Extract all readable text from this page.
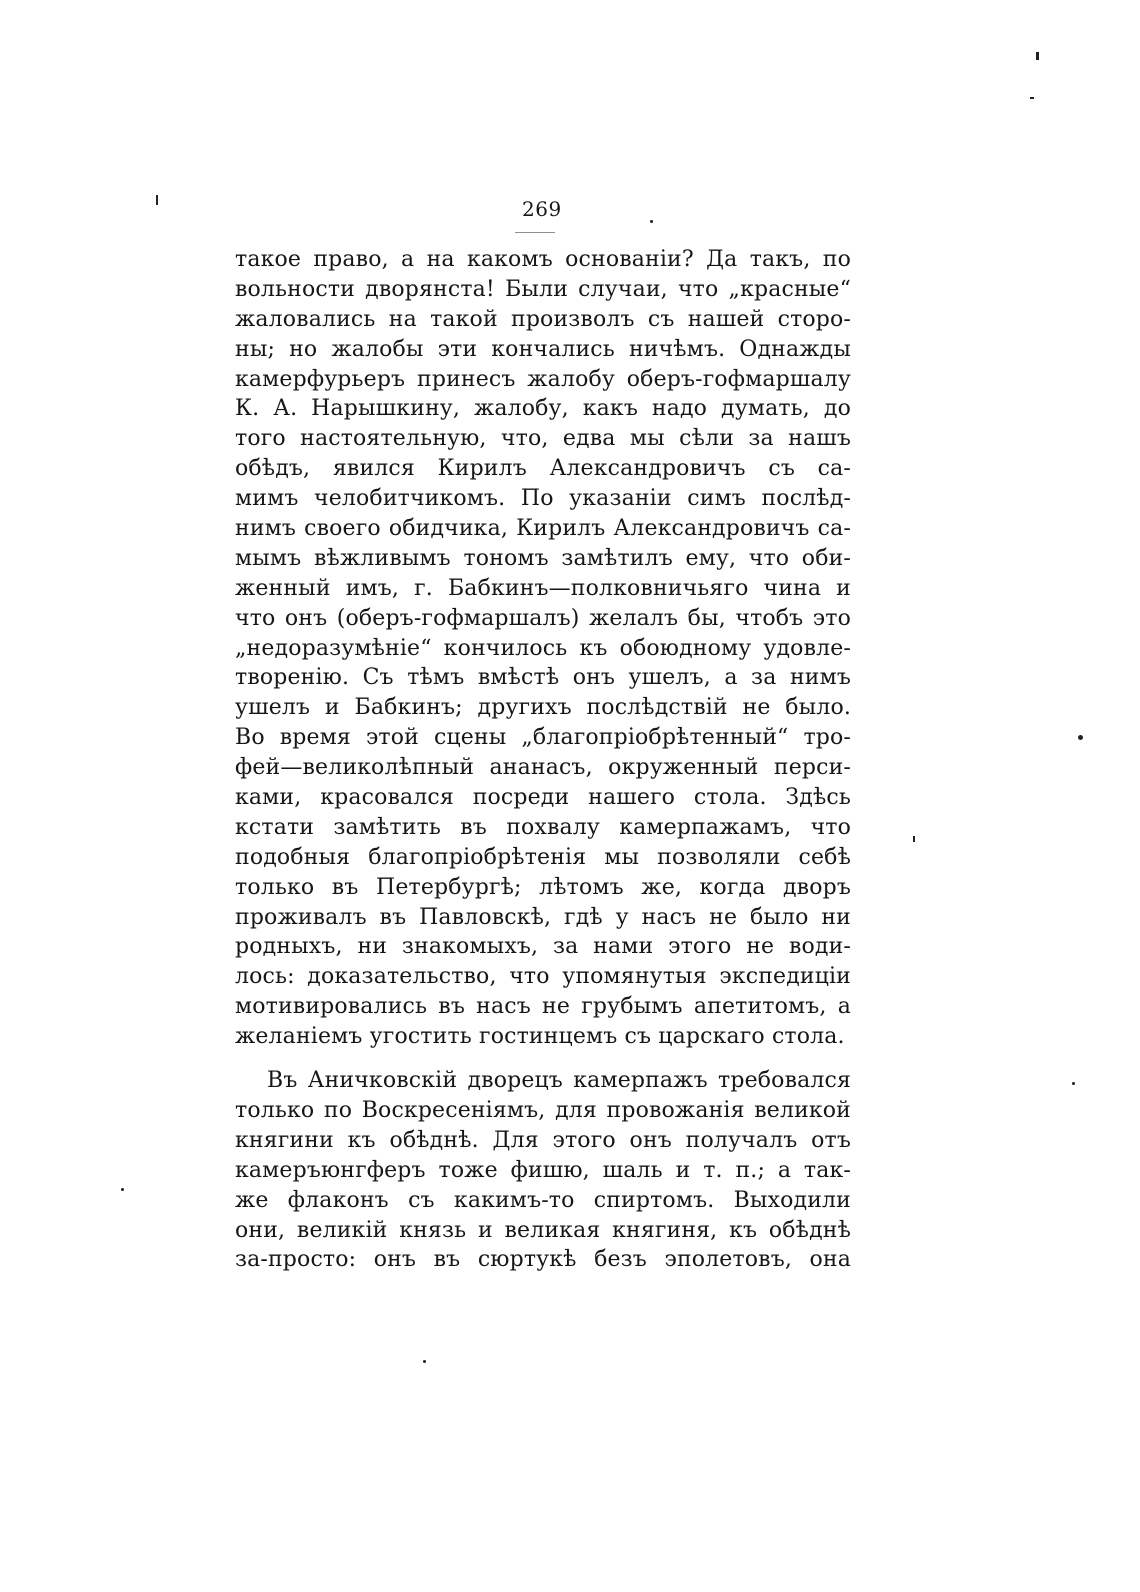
269
такое право, а на какомъ основаніи? Да такъ, по
вольности дворянста! Были случаи, что „красные“
жаловались на такой произволъ съ нашей сторо-
ны; но жалобы эти кончались ничѣмъ. Однажды
камерфурьеръ принесъ жалобу оберъ-гофмаршалу
К. А. Нарышкину, жалобу, какъ надо думать, до
того настоятельную, что, едва мы сѣли за нашъ
обѣдъ, явился Кирилъ Александровичъ съ са-
мимъ челобитчикомъ. По указаніи симъ послѣд-
нимъ своего обидчика, Кирилъ Александровичъ са-
мымъ вѣжливымъ тономъ замѣтилъ ему, что оби-
женный имъ, г. Бабкинъ—полковничьяго чина и
что онъ (оберъ-гофмаршалъ) желалъ бы, чтобъ это
„недоразумѣніе“ кончилось къ обоюдному удовле-
творенію. Съ тѣмъ вмѣстѣ онъ ушелъ, а за нимъ
ушелъ и Бабкинъ; другихъ послѣдствій не было.
Во время этой сцены „благопріобрѣтенный“ тро-
фей—великолѣпный ананасъ, окруженный перси-
ками, красовался посреди нашего стола. Здѣсь
кстати замѣтить въ похвалу камерпажамъ, что
подобныя благопріобрѣтенія мы позволяли себѣ
только въ Петербургѣ; лѣтомъ же, когда дворъ
проживалъ въ Павловскѣ, гдѣ у насъ не было ни
родныхъ, ни знакомыхъ, за нами этого не води-
лось: доказательство, что упомянутыя экспедиціи
мотивировались въ насъ не грубымъ апетитомъ, а
желаніемъ угостить гостинцемъ съ царскаго стола.
Въ Аничковскій дворецъ камерпажъ требовался
только по Воскресеніямъ, для провожанія великой
княгини къ обѣднѣ. Для этого онъ получалъ отъ
камеръюнгферъ тоже фишю, шаль и т. п.; а так-
же флаконъ съ какимъ-то спиртомъ. Выходили
они, великій князь и великая княгиня, къ обѣднѣ
за-просто: онъ въ сюртукѣ безъ эполетовъ, она
